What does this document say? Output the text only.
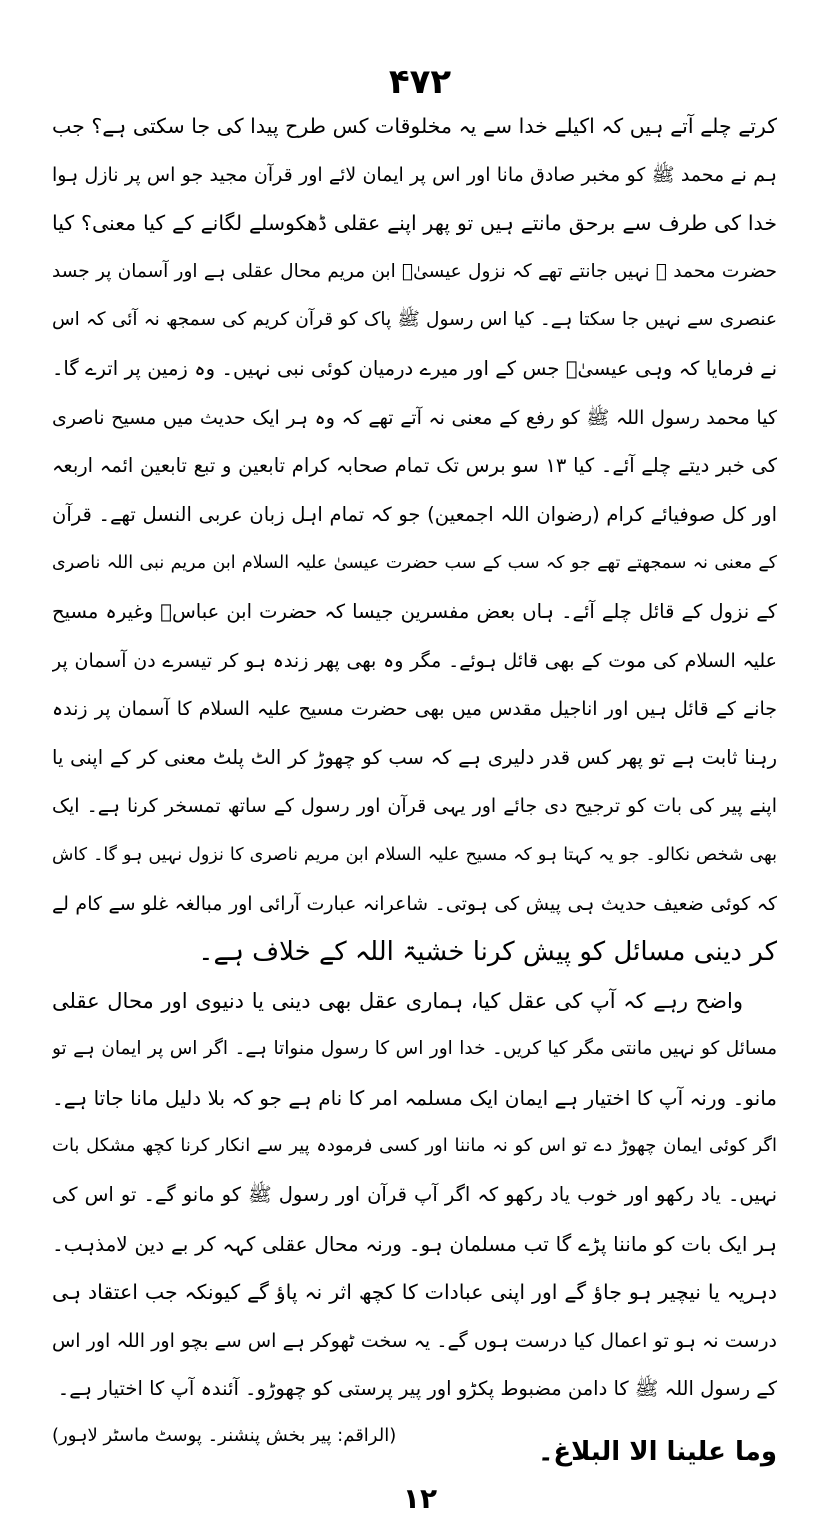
۴۷۲
کرتے چلے آتے ہیں کہ اکیلے خدا سے یہ مخلوقات کس طرح پیدا کی جا سکتی ہے؟ جب
ہم نے محمد ﷺ کو مخبر صادق مانا اور اس پر ایمان لائے اور قرآن مجید جو اس پر نازل ہوا
خدا کی طرف سے برحق مانتے ہیں تو پھر اپنے عقلی ڈھکوسلے لگانے کے کیا معنی؟ کیا
حضرت محمد ﷺ نہیں جانتے تھے کہ نزول عیسیٰؑ ابن مریم محال عقلی ہے اور آسمان پر جسد
عنصری سے نہیں جا سکتا ہے۔ کیا اس رسول ﷺ پاک کو قرآن کریم کی سمجھ نہ آئی کہ اس
نے فرمایا کہ وہی عیسیٰؑ جس کے اور میرے درمیان کوئی نبی نہیں۔ وہ زمین پر اترے گا۔
کیا محمد رسول اللہ ﷺ کو رفع کے معنی نہ آتے تھے کہ وہ ہر ایک حدیث میں مسیح ناصری
کی خبر دیتے چلے آئے۔ کیا ۱۳ سو برس تک تمام صحابہ کرام تابعین و تبع تابعین ائمہ اربعہ
اور کل صوفیائے کرام (رضوان اللہ اجمعین) جو کہ تمام اہل زبان عربی النسل تھے۔ قرآن
کے معنی نہ سمجھتے تھے جو کہ سب کے سب حضرت عیسیٰ علیہ السلام ابن مریم نبی اللہ ناصری
کے نزول کے قائل چلے آئے۔ ہاں بعض مفسرین جیسا کہ حضرت ابن عباسؓ وغیرہ مسیح
علیہ السلام کی موت کے بھی قائل ہوئے۔ مگر وہ بھی پھر زندہ ہو کر تیسرے دن آسمان پر
جانے کے قائل ہیں اور اناجیل مقدس میں بھی حضرت مسیح علیہ السلام کا آسمان پر زندہ
رہنا ثابت ہے تو پھر کس قدر دلیری ہے کہ سب کو چھوڑ کر الٹ پلٹ معنی کر کے اپنی یا
اپنے پیر کی بات کو ترجیح دی جائے اور یہی قرآن اور رسول کے ساتھ تمسخر کرنا ہے۔ ایک
بھی شخص نکالو۔ جو یہ کہتا ہو کہ مسیح علیہ السلام ابن مریم ناصری کا نزول نہیں ہو گا۔ کاش
کہ کوئی ضعیف حدیث ہی پیش کی ہوتی۔ شاعرانہ عبارت آرائی اور مبالغہ غلو سے کام لے
کر دینی مسائل کو پیش کرنا خشیۃ اللہ کے خلاف ہے۔
واضح رہے کہ آپ کی عقل کیا، ہماری عقل بھی دینی یا دنیوی اور محال عقلی
مسائل کو نہیں مانتی مگر کیا کریں۔ خدا اور اس کا رسول منواتا ہے۔ اگر اس پر ایمان ہے تو
مانو۔ ورنہ آپ کا اختیار ہے ایمان ایک مسلمہ امر کا نام ہے جو کہ بلا دلیل مانا جاتا ہے۔
اگر کوئی ایمان چھوڑ دے تو اس کو نہ ماننا اور کسی فرمودہ پیر سے انکار کرنا کچھ مشکل بات
نہیں۔ یاد رکھو اور خوب یاد رکھو کہ اگر آپ قرآن اور رسول ﷺ کو مانو گے۔ تو اس کی
ہر ایک بات کو ماننا پڑے گا تب مسلمان ہو۔ ورنہ محال عقلی کہہ کر بے دین لامذہب۔
دہریہ یا نیچیر ہو جاؤ گے اور اپنی عبادات کا کچھ اثر نہ پاؤ گے کیونکہ جب اعتقاد ہی
درست نہ ہو تو اعمال کیا درست ہوں گے۔ یہ سخت ٹھوکر ہے اس سے بچو اور اللہ اور اس
کے رسول اللہ ﷺ کا دامن مضبوط پکڑو اور پیر پرستی کو چھوڑو۔ آئندہ آپ کا اختیار ہے۔
وما علینا الا البلاغ۔
(الراقم: پیر بخش پنشنر۔ پوسٹ ماسٹر لاہور)
۱۲
